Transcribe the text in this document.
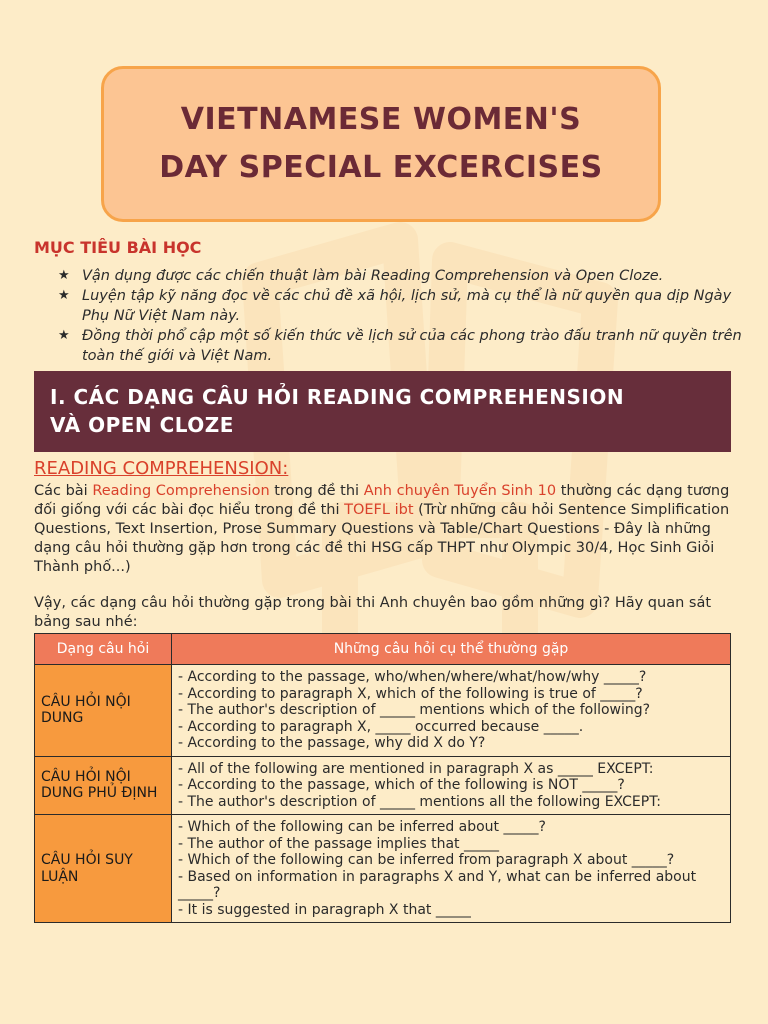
VIETNAMESE WOMEN'S
DAY SPECIAL EXCERCISES
MỤC TIÊU BÀI HỌC
★ Vận dụng được các chiến thuật làm bài Reading Comprehension và Open Cloze.
★ Luyện tập kỹ năng đọc về các chủ đề xã hội, lịch sử, mà cụ thể là nữ quyền qua dịp Ngày Phụ Nữ Việt Nam này.
★ Đồng thời phổ cập một số kiến thức về lịch sử của các phong trào đấu tranh nữ quyền trên toàn thế giới và Việt Nam.
I. CÁC DẠNG CÂU HỎI READING COMPREHENSION
VÀ OPEN CLOZE
READING COMPREHENSION:

Các bài Reading Comprehension trong đề thi Anh chuyên Tuyển Sinh 10 thường các dạng tương đối giống với các bài đọc hiểu trong đề thi TOEFL ibt (Trừ những câu hỏi Sentence Simplification Questions, Text Insertion, Prose Summary Questions và Table/Chart Questions - Đây là những dạng câu hỏi thường gặp hơn trong các đề thi HSG cấp THPT như Olympic 30/4, Học Sinh Giỏi Thành phố...)

Vậy, các dạng câu hỏi thường gặp trong bài thi Anh chuyên bao gồm những gì? Hãy quan sát bảng sau nhé:

Dạng câu hỏi	Những câu hỏi cụ thể thường gặp
CÂU HỎI NỘI DUNG	- According to the passage, who/when/where/what/how/why _____?
- According to paragraph X, which of the following is true of _____?
- The author's description of _____ mentions which of the following?
- According to paragraph X, _____ occurred because _____.
- According to the passage, why did X do Y?

CÂU HỎI NỘI DUNG PHỦ ĐỊNH	- All of the following are mentioned in paragraph X as _____ EXCEPT:
- According to the passage, which of the following is NOT _____?
- The author's description of _____ mentions all the following EXCEPT:

CÂU HỎI SUY LUẬN	- Which of the following can be inferred about _____?
- The author of the passage implies that _____
- Which of the following can be inferred from paragraph X about _____?
- Based on information in paragraphs X and Y, what can be inferred about _____?
- It is suggested in paragraph X that _____
